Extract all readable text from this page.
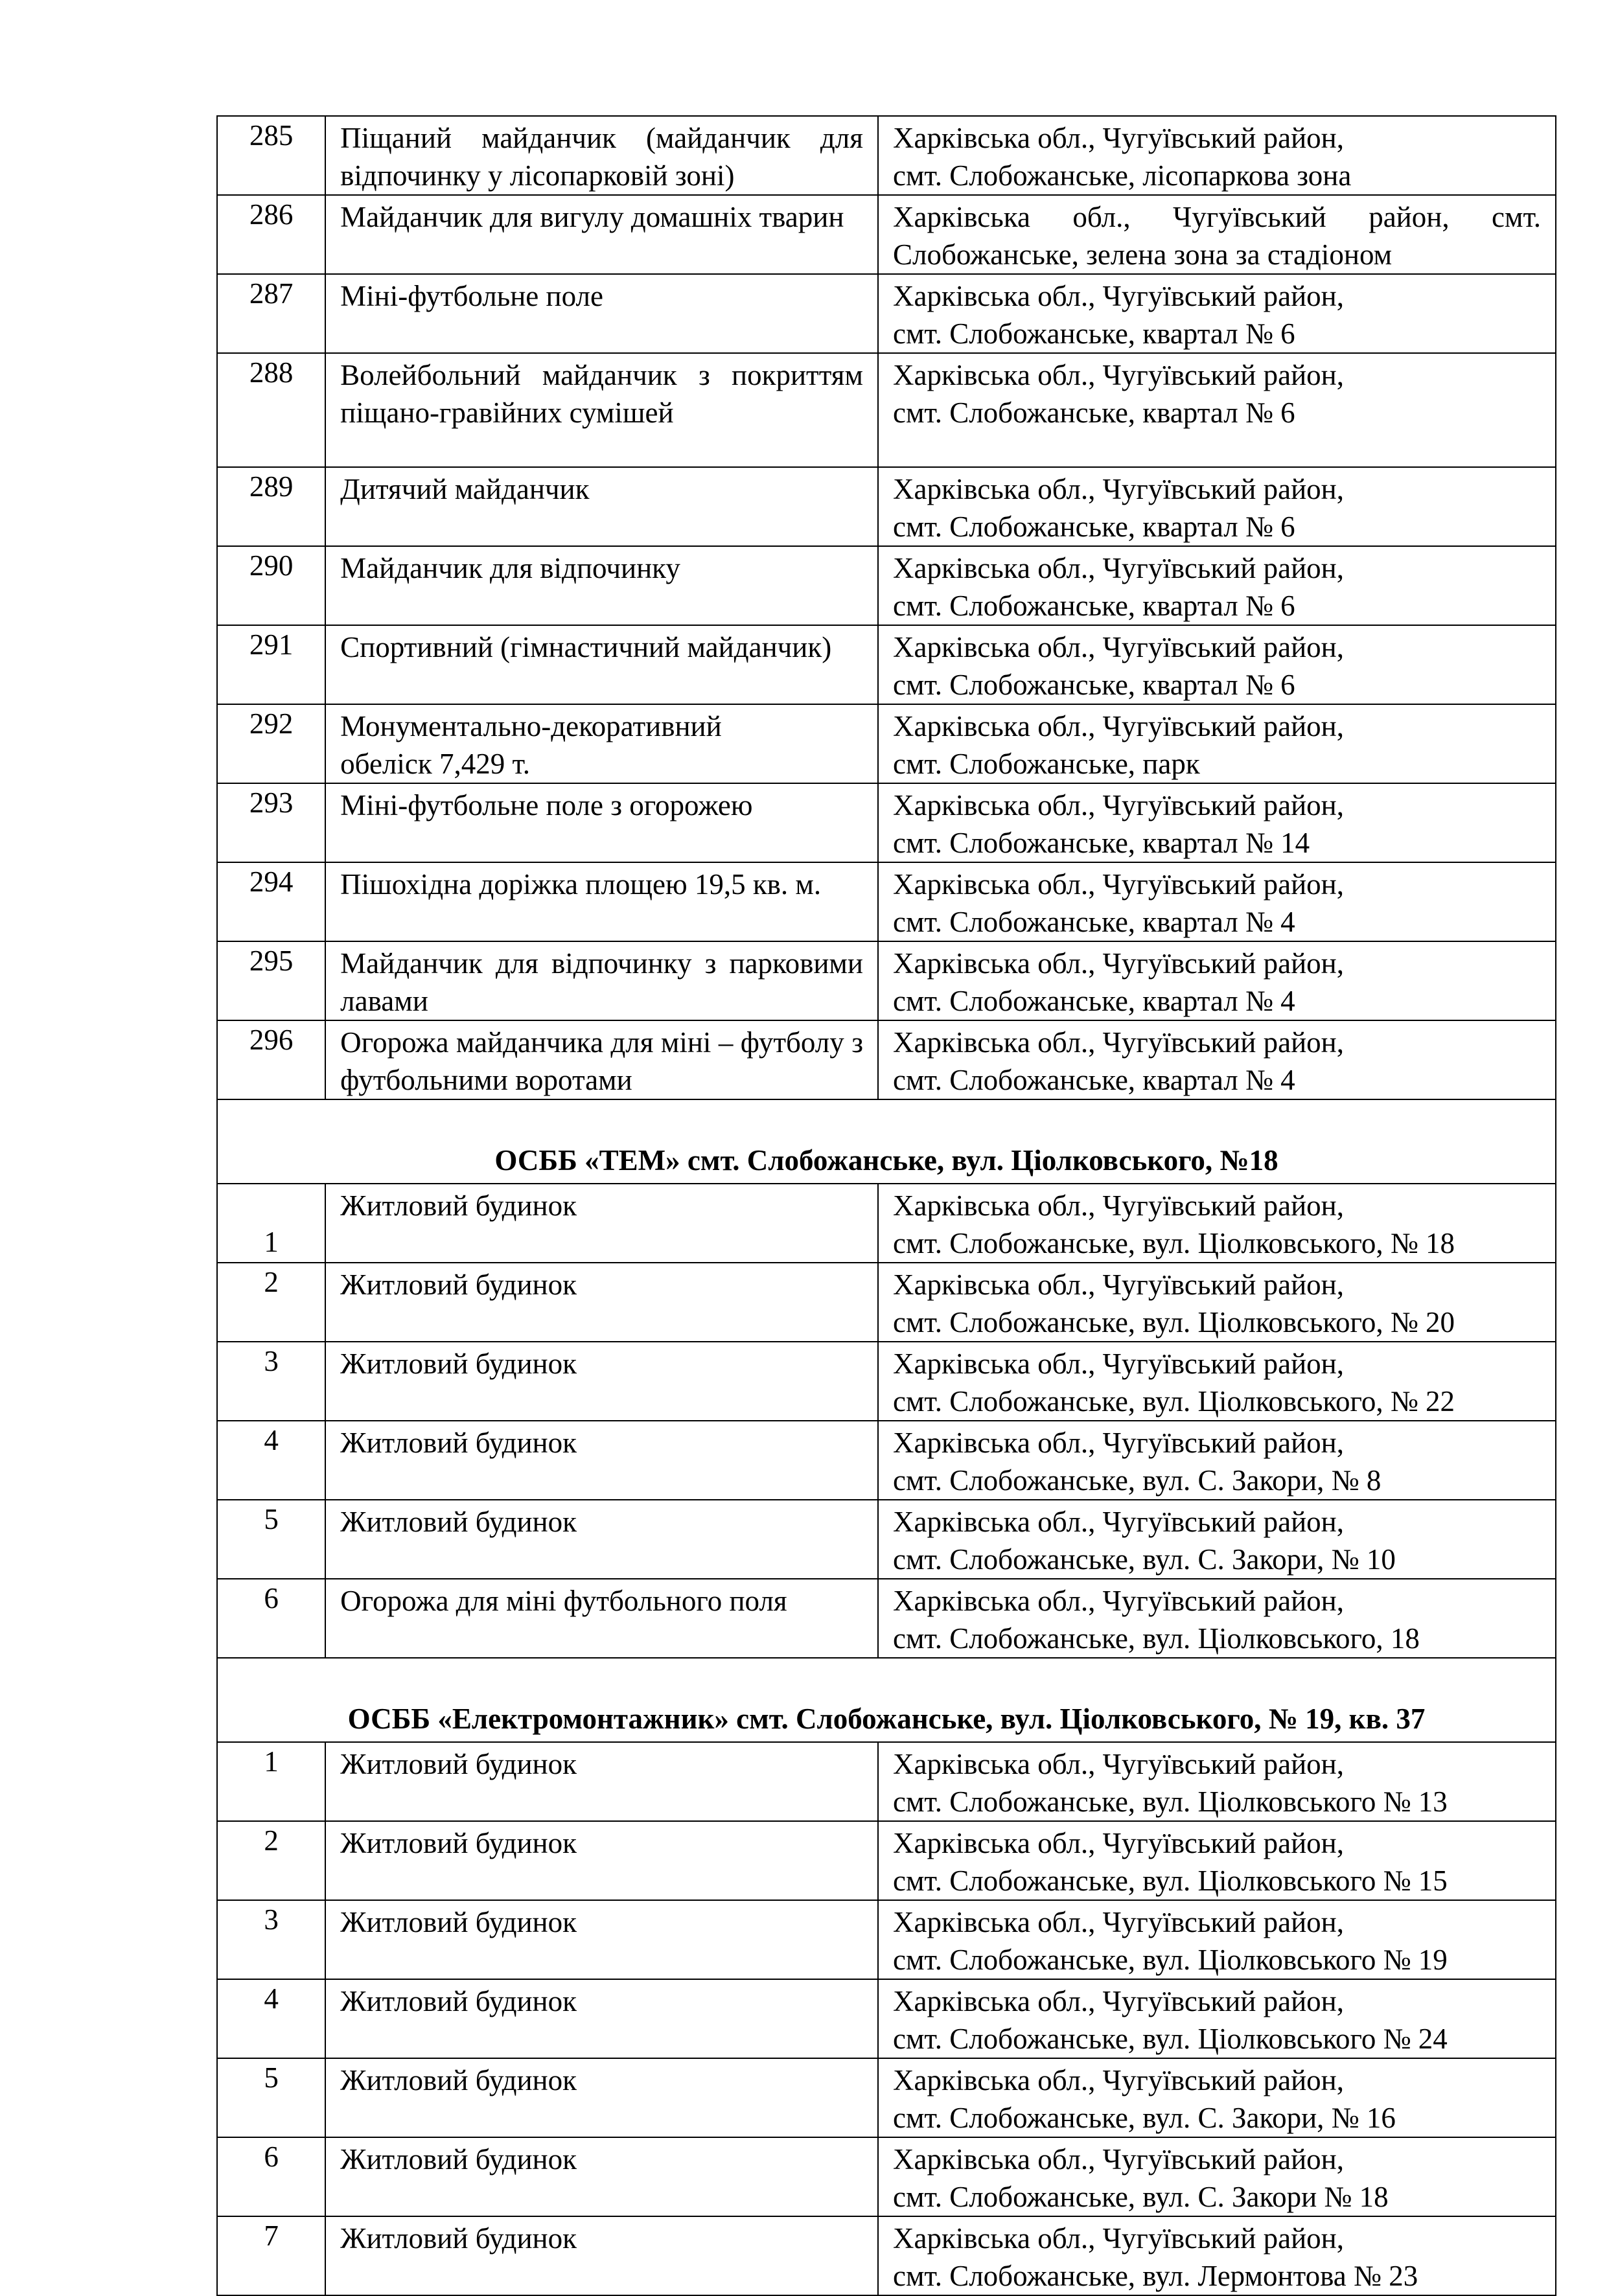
285	Піщаний майданчик (майданчик для відпочинку у лісопарковій зоні)	Харківська обл., Чугуївський район,
смт. Слобожанське, лісопаркова зона

286	Майданчик для вигулу домашніх тварин	Харківська обл., Чугуївський район, смт. Слобожанське, зелена зона за стадіоном

287	Міні-футбольне поле	Харківська обл., Чугуївський район,
смт. Слобожанське, квартал № 6

288	Волейбольний майданчик з покриттям піщано-гравійних сумішей	Харківська обл., Чугуївський район,
смт. Слобожанське, квартал № 6

289	Дитячий майданчик	Харківська обл., Чугуївський район,
смт. Слобожанське, квартал № 6

290	Майданчик для відпочинку	Харківська обл., Чугуївський район,
смт. Слобожанське, квартал № 6

291	Спортивний (гімнастичний майданчик)	Харківська обл., Чугуївський район,
смт. Слобожанське, квартал № 6

292	Монументально-декоративний
обеліск 7,429 т.	Харківська обл., Чугуївський район,
смт. Слобожанське, парк

293	Міні-футбольне поле з огорожею	Харківська обл., Чугуївський район,
смт. Слобожанське, квартал № 14

294	Пішохідна доріжка площею 19,5 кв. м.	Харківська обл., Чугуївський район,
смт. Слобожанське, квартал № 4

295	Майданчик для відпочинку з парковими лавами	Харківська обл., Чугуївський район,
смт. Слобожанське, квартал № 4

296	Огорожа майданчика для міні – футболу з футбольними воротами	Харківська обл., Чугуївський район,
смт. Слобожанське, квартал № 4

ОСББ «ТЕМ» смт. Слобожанське, вул. Ціолковського, №18		
1	Житловий будинок	Харківська обл., Чугуївський район,
смт. Слобожанське, вул. Ціолковського, № 18

2	Житловий будинок	Харківська обл., Чугуївський район,
смт. Слобожанське, вул. Ціолковського, № 20

3	Житловий будинок	Харківська обл., Чугуївський район,
смт. Слобожанське, вул. Ціолковського, № 22

4	Житловий будинок	Харківська обл., Чугуївський район,
смт. Слобожанське, вул. С. Закори, № 8

5	Житловий будинок	Харківська обл., Чугуївський район,
смт. Слобожанське, вул. С. Закори, № 10

6	Огорожа для міні футбольного поля	Харківська обл., Чугуївський район,
смт. Слобожанське, вул. Ціолковського, 18

ОСББ «Електромонтажник» смт. Слобожанське, вул. Ціолковського, № 19, кв. 37		
1	Житловий будинок	Харківська обл., Чугуївський район,
смт. Слобожанське, вул. Ціолковського № 13

2	Житловий будинок	Харківська обл., Чугуївський район,
смт. Слобожанське, вул. Ціолковського № 15

3	Житловий будинок	Харківська обл., Чугуївський район,
смт. Слобожанське, вул. Ціолковського № 19

4	Житловий будинок	Харківська обл., Чугуївський район,
смт. Слобожанське, вул. Ціолковського № 24

5	Житловий будинок	Харківська обл., Чугуївський район,
смт. Слобожанське, вул. С. Закори, № 16

6	Житловий будинок	Харківська обл., Чугуївський район,
смт. Слобожанське, вул. С. Закори № 18

7	Житловий будинок	Харківська обл., Чугуївський район,
смт. Слобожанське, вул. Лермонтова № 23
